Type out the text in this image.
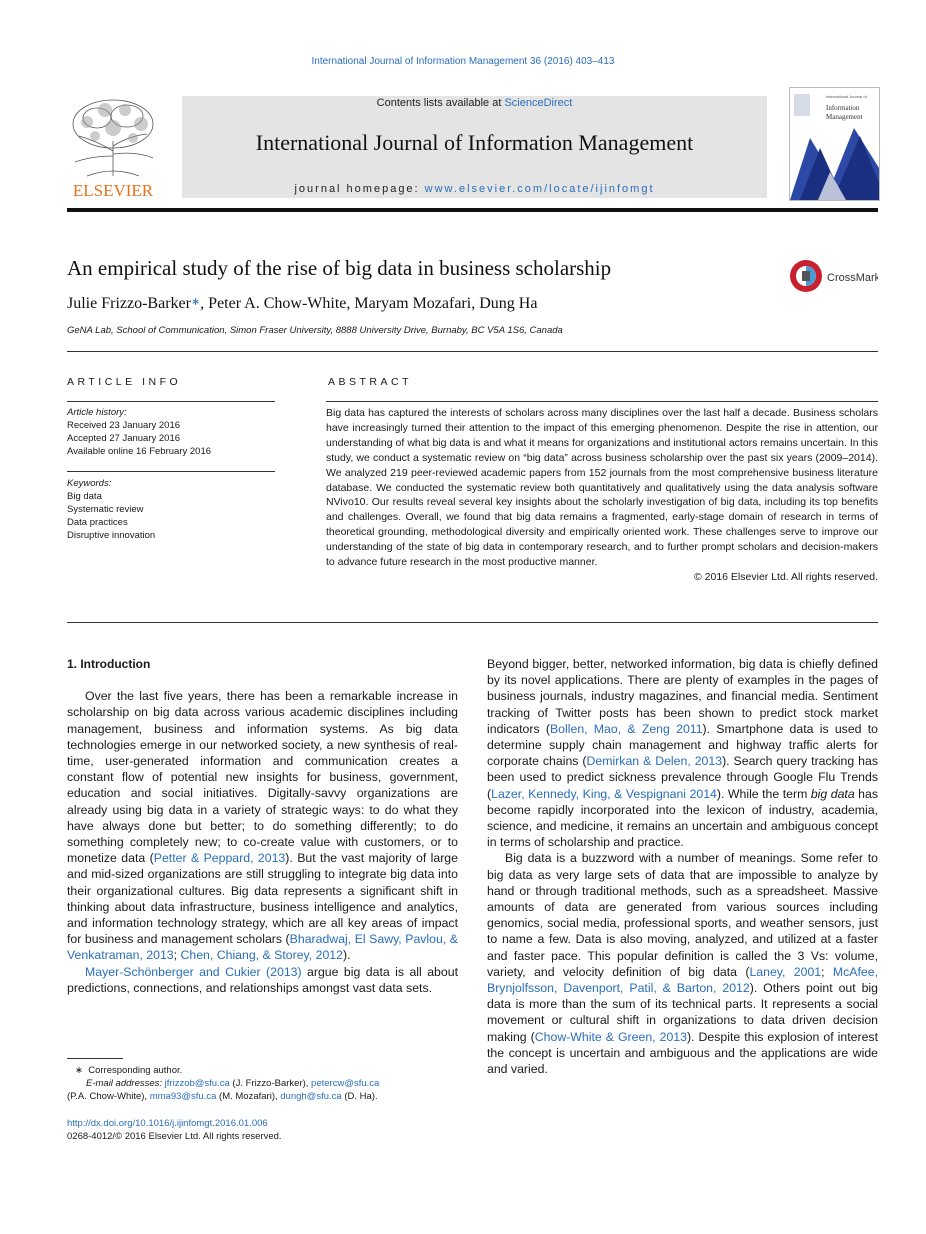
International Journal of Information Management 36 (2016) 403–413
ELSEVIER
Contents lists available at ScienceDirect
International Journal of Information Management
journal homepage: www.elsevier.com/locate/ijinfomgt
International Journal of
Information
Management
An empirical study of the rise of big data in business scholarship	CrossMark
Julie Frizzo-Barker∗, Peter A. Chow-White, Maryam Mozafari, Dung Ha
GeNA Lab, School of Communication, Simon Fraser University, 8888 University Drive, Burnaby, BC V5A 1S6, Canada
ARTICLE INFO
Article history:
Received 23 January 2016
Accepted 27 January 2016
Available online 16 February 2016
Keywords:
Big data
Systematic review
Data practices
Disruptive innovation
ABSTRACT
Big data has captured the interests of scholars across many disciplines over the last half a decade. Business scholars have increasingly turned their attention to the impact of this emerging phenomenon. Despite the rise in attention, our understanding of what big data is and what it means for organizations and institutional actors remains uncertain. In this study, we conduct a systematic review on “big data” across business scholarship over the past six years (2009–2014). We analyzed 219 peer-reviewed academic papers from 152 journals from the most comprehensive business literature database. We conducted the systematic review both quantitatively and qualitatively using the data analysis software NVivo10. Our results reveal several key insights about the scholarly investigation of big data, including its top benefits and challenges. Overall, we found that big data remains a fragmented, early-stage domain of research in terms of theoretical grounding, methodological diversity and empirically oriented work. These challenges serve to improve our understanding of the state of big data in contemporary research, and to further prompt scholars and decision-makers to advance future research in the most productive manner.
© 2016 Elsevier Ltd. All rights reserved.
1. Introduction

Over the last five years, there has been a remarkable increase in scholarship on big data across various academic disciplines including management, business and information systems. As big data technologies emerge in our networked society, a new synthesis of real-time, user-generated information and communication creates a constant flow of potential new insights for business, government, education and social initiatives. Digitally-savvy organizations are already using big data in a variety of strategic ways: to do what they have always done but better; to do something differently; to do something completely new; to co-create value with customers, or to monetize data (Petter & Peppard, 2013). But the vast majority of large and mid-sized organizations are still struggling to integrate big data into their organizational cultures. Big data represents a significant shift in thinking about data infrastructure, business intelligence and analytics, and information technology strategy, which are all key areas of impact for business and management scholars (Bharadwaj, El Sawy, Pavlou, & Venkatraman, 2013; Chen, Chiang, & Storey, 2012).

Mayer-Schönberger and Cukier (2013) argue big data is all about predictions, connections, and relationships amongst vast data sets.

∗ Corresponding author.
E-mail addresses: jfrizzob@sfu.ca (J. Frizzo-Barker), petercw@sfu.ca
(P.A. Chow-White), mma93@sfu.ca (M. Mozafari), dungh@sfu.ca (D. Ha).
http://dx.doi.org/10.1016/j.ijinfomgt.2016.01.006
0268-4012/© 2016 Elsevier Ltd. All rights reserved.

Beyond bigger, better, networked information, big data is chiefly defined by its novel applications. There are plenty of examples in the pages of business journals, industry magazines, and financial media. Sentiment tracking of Twitter posts has been shown to predict stock market indicators (Bollen, Mao, & Zeng 2011). Smartphone data is used to determine supply chain management and highway traffic alerts for corporate chains (Demirkan & Delen, 2013). Search query tracking has been used to predict sickness prevalence through Google Flu Trends (Lazer, Kennedy, King, & Vespignani 2014). While the term big data has become rapidly incorporated into the lexicon of industry, academia, science, and medicine, it remains an uncertain and ambiguous concept in terms of scholarship and practice.

Big data is a buzzword with a number of meanings. Some refer to big data as very large sets of data that are impossible to analyze by hand or through traditional methods, such as a spreadsheet. Massive amounts of data are generated from various sources including genomics, social media, professional sports, and weather sensors, just to name a few. Data is also moving, analyzed, and utilized at a faster and faster pace. This popular definition is called the 3 Vs: volume, variety, and velocity definition of big data (Laney, 2001; McAfee, Brynjolfsson, Davenport, Patil, & Barton, 2012). Others point out big data is more than the sum of its technical parts. It represents a social movement or cultural shift in organizations to data driven decision making (Chow-White & Green, 2013). Despite this explosion of interest the concept is uncertain and ambiguous and the applications are wide and varied.
